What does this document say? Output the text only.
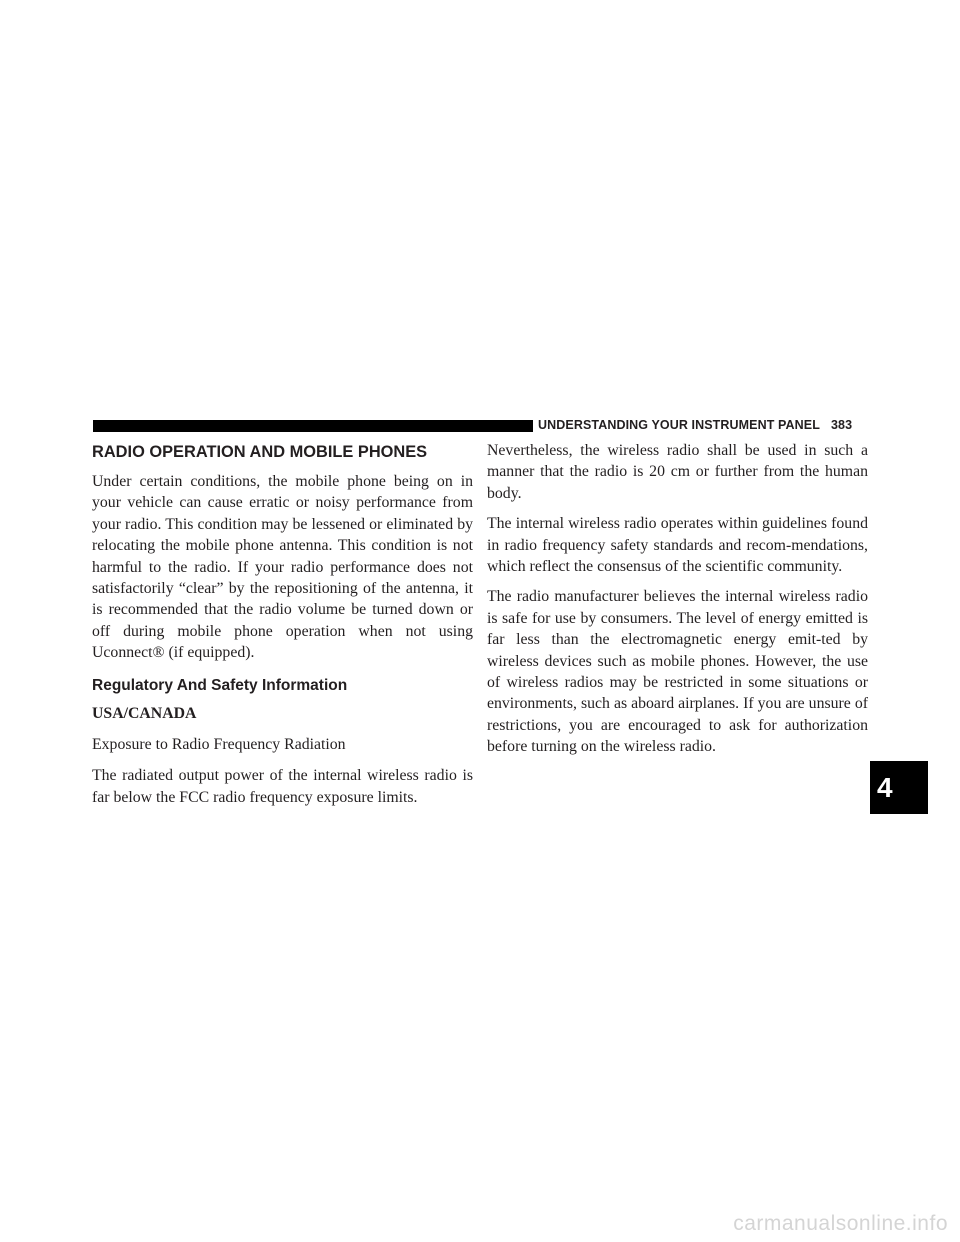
UNDERSTANDING YOUR INSTRUMENT PANEL 383
RADIO OPERATION AND MOBILE PHONES

Under certain conditions, the mobile phone being on in your vehicle can cause erratic or noisy performance from your radio. This condition may be lessened or eliminated by relocating the mobile phone antenna. This condition is not harmful to the radio. If your radio performance does not satisfactorily “clear” by the repositioning of the antenna, it is recommended that the radio volume be turned down or off during mobile phone operation when not using Uconnect® (if equipped).

Regulatory And Safety Information

USA/CANADA

Exposure to Radio Frequency Radiation

The radiated output power of the internal wireless radio is far below the FCC radio frequency exposure limits.

Nevertheless, the wireless radio shall be used in such a manner that the radio is 20 cm or further from the human body.

The internal wireless radio operates within guidelines found in radio frequency safety standards and recom-mendations, which reflect the consensus of the scientific community.

The radio manufacturer believes the internal wireless radio is safe for use by consumers. The level of energy emitted is far less than the electromagnetic energy emit-ted by wireless devices such as mobile phones. However, the use of wireless radios may be restricted in some situations or environments, such as aboard airplanes. If you are unsure of restrictions, you are encouraged to ask for authorization before turning on the wireless radio.

4
carmanualsonline.info
